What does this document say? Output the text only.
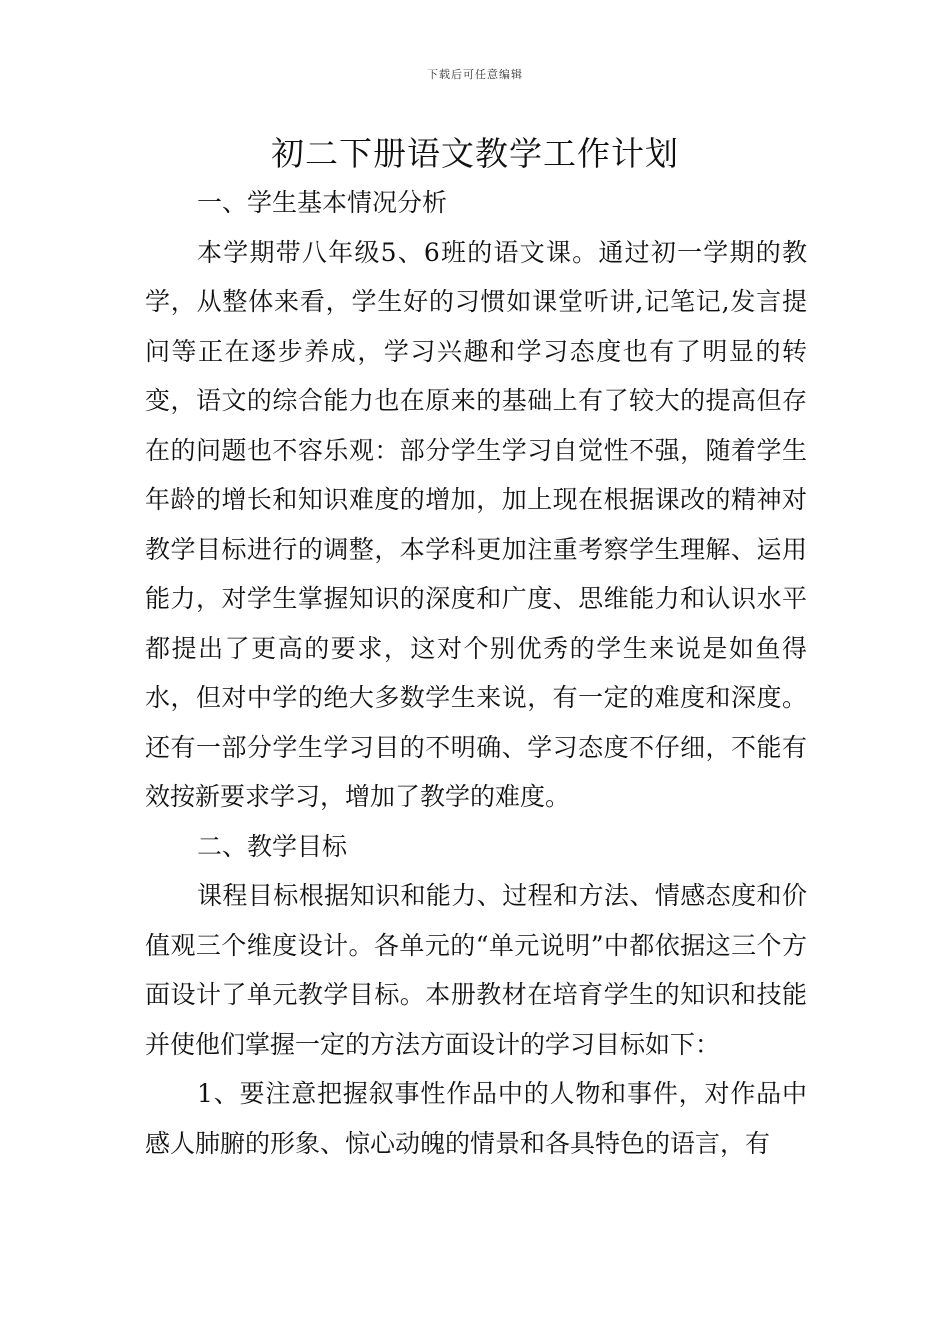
下载后可任意编辑
初二下册语文教学工作计划

一、学生基本情况分析

本学期带八年级5、6班的语文课。通过初一学期的教学，从整体来看，学生好的习惯如课堂听讲,记笔记,发言提问等正在逐步养成，学习兴趣和学习态度也有了明显的转变，语文的综合能力也在原来的基础上有了较大的提高但存在的问题也不容乐观：部分学生学习自觉性不强，随着学生年龄的增长和知识难度的增加，加上现在根据课改的精神对教学目标进行的调整，本学科更加注重考察学生理解、运用能力，对学生掌握知识的深度和广度、思维能力和认识水平都提出了更高的要求，这对个别优秀的学生来说是如鱼得水，但对中学的绝大多数学生来说，有一定的难度和深度。还有一部分学生学习目的不明确、学习态度不仔细，不能有效按新要求学习，增加了教学的难度。

二、教学目标

课程目标根据知识和能力、过程和方法、情感态度和价值观三个维度设计。各单元的“单元说明”中都依据这三个方面设计了单元教学目标。本册教材在培育学生的知识和技能并使他们掌握一定的方法方面设计的学习目标如下：

1、要注意把握叙事性作品中的人物和事件，对作品中感人肺腑的形象、惊心动魄的情景和各具特色的语言，有
